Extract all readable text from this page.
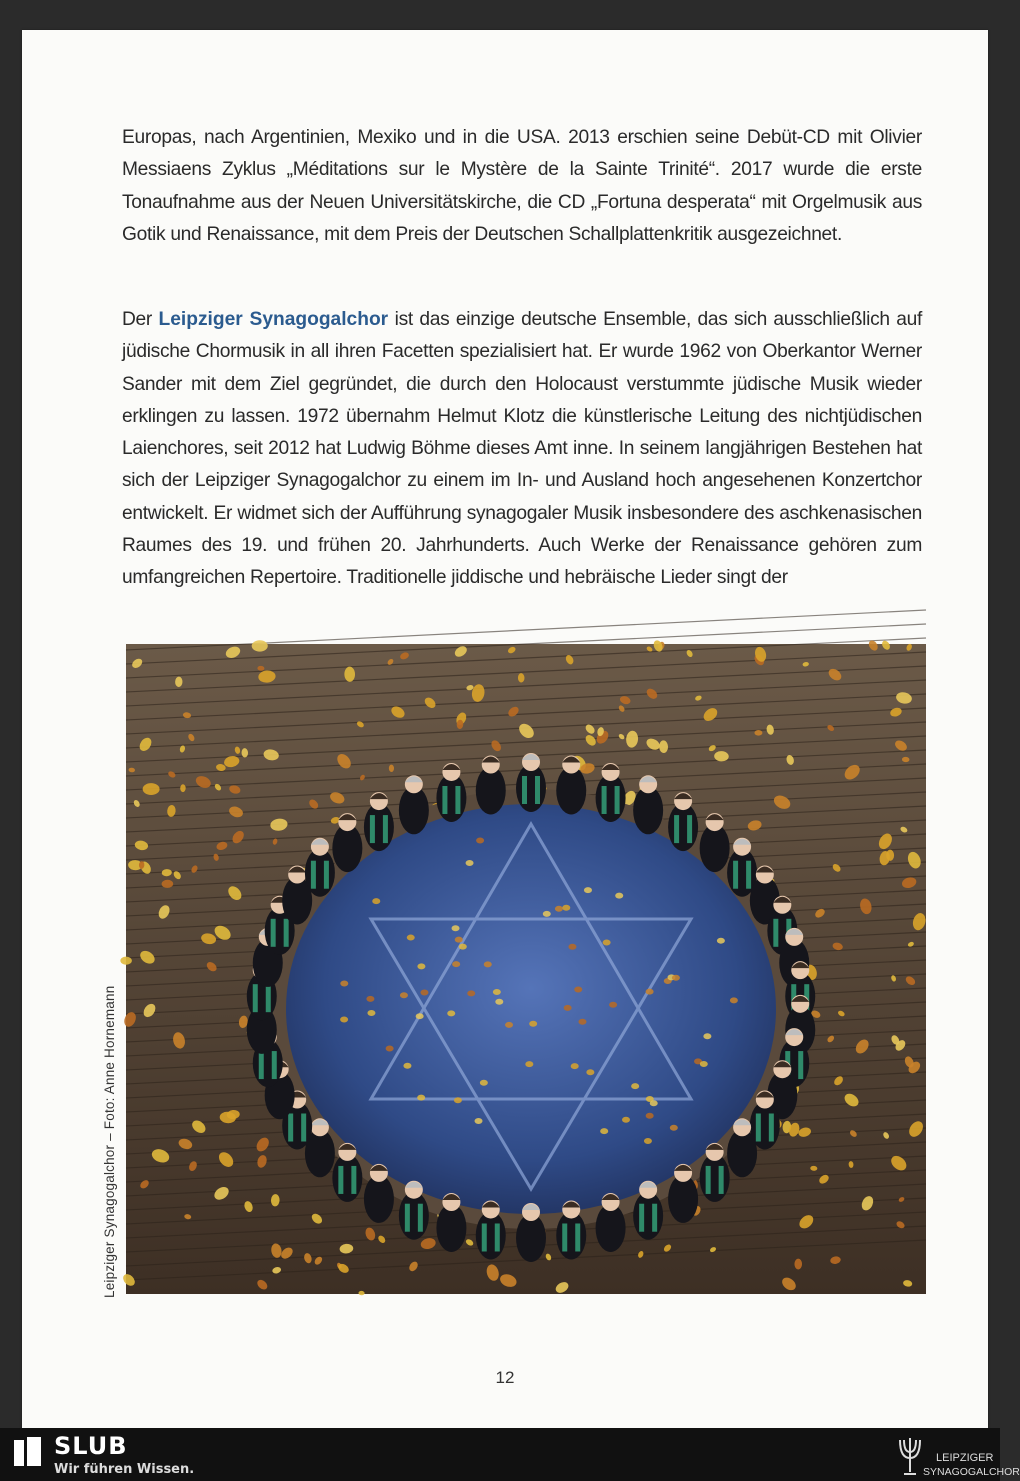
Europas, nach Argentinien, Mexiko und in die USA. 2013 erschien seine Debüt-CD mit Olivier Messiaens Zyklus „Méditations sur le Mystère de la Sainte Trinité“. 2017 wurde die erste Tonaufnahme aus der Neuen Universitätskirche, die CD „Fortuna desperata“ mit Orgelmusik aus Gotik und Renaissance, mit dem Preis der Deutschen Schallplattenkritik ausgezeichnet.

Der Leipziger Synagogalchor ist das einzige deutsche Ensemble, das sich ausschließlich auf jüdische Chormusik in all ihren Facetten spezialisiert hat. Er wurde 1962 von Oberkantor Werner Sander mit dem Ziel gegründet, die durch den Holocaust verstummte jüdische Musik wieder erklingen zu lassen. 1972 übernahm Helmut Klotz die künstlerische Leitung des nichtjüdischen Laienchores, seit 2012 hat Ludwig Böhme dieses Amt inne. In seinem langjährigen Bestehen hat sich der Leipziger Synagogalchor zu einem im In- und Ausland hoch angesehenen Konzertchor entwickelt. Er widmet sich der Aufführung synagogaler Musik insbesondere des aschkenasischen Raumes des 19. und frühen 20. Jahrhunderts. Auch Werke der Renaissance gehören zum umfangreichen Repertoire. Traditionelle jiddische und hebräische Lieder singt der

Leipziger Synagogalchor – Foto: Anne Hornemann
12
SLUB
Wir führen Wissen.
LEIPZIGER
SYNAGOGALCHOR
